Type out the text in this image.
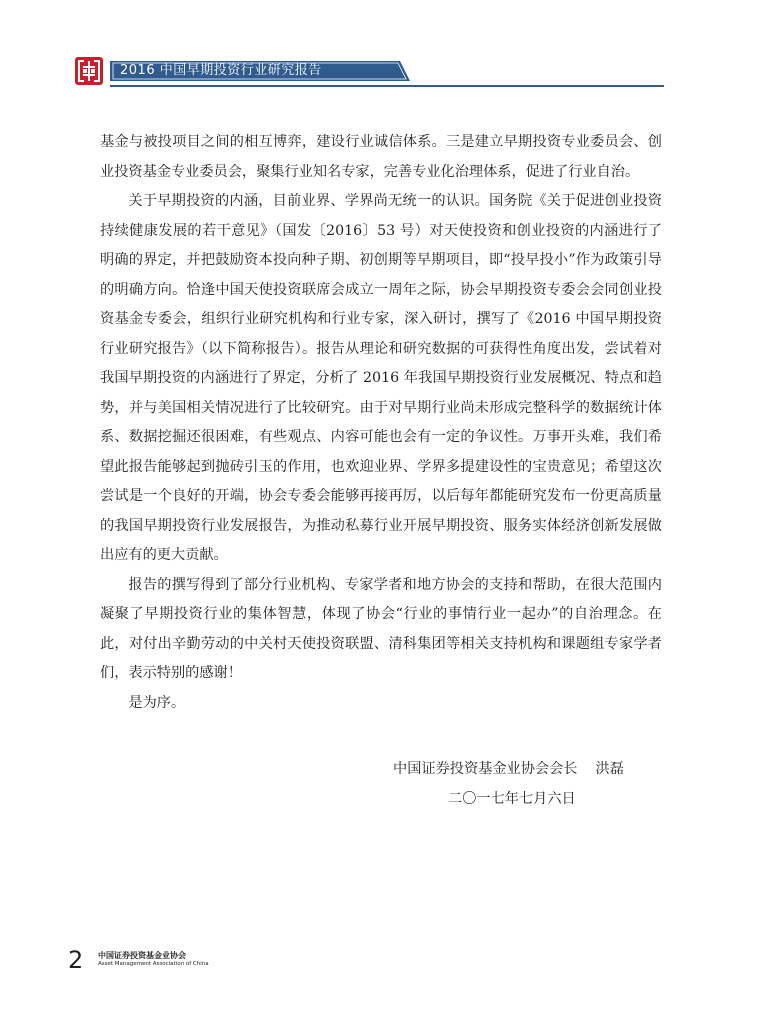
2016 中国早期投资行业研究报告

基金与被投项目之间的相互博弈，建设行业诚信体系。三是建立早期投资专业委员会、创业投资基金专业委员会，聚集行业知名专家，完善专业化治理体系，促进了行业自治。

关于早期投资的内涵，目前业界、学界尚无统一的认识。国务院《关于促进创业投资持续健康发展的若干意见》（国发〔2016〕53 号）对天使投资和创业投资的内涵进行了明确的界定，并把鼓励资本投向种子期、初创期等早期项目，即“投早投小”作为政策引导的明确方向。恰逢中国天使投资联席会成立一周年之际，协会早期投资专委会会同创业投资基金专委会，组织行业研究机构和行业专家，深入研讨，撰写了《2016 中国早期投资行业研究报告》（以下简称报告）。报告从理论和研究数据的可获得性角度出发，尝试着对我国早期投资的内涵进行了界定，分析了 2016 年我国早期投资行业发展概况、特点和趋势，并与美国相关情况进行了比较研究。由于对早期行业尚未形成完整科学的数据统计体系、数据挖掘还很困难，有些观点、内容可能也会有一定的争议性。万事开头难，我们希望此报告能够起到抛砖引玉的作用，也欢迎业界、学界多提建设性的宝贵意见；希望这次尝试是一个良好的开端，协会专委会能够再接再厉，以后每年都能研究发布一份更高质量的我国早期投资行业发展报告，为推动私募行业开展早期投资、服务实体经济创新发展做出应有的更大贡献。

报告的撰写得到了部分行业机构、专家学者和地方协会的支持和帮助，在很大范围内凝聚了早期投资行业的集体智慧，体现了协会“行业的事情行业一起办”的自治理念。在此，对付出辛勤劳动的中关村天使投资联盟、清科集团等相关支持机构和课题组专家学者们，表示特别的感谢！

是为序。

中国证券投资基金业协会会长 洪磊
二〇一七年七月六日
2 中国证券投资基金业协会
Asset Management Association of China
